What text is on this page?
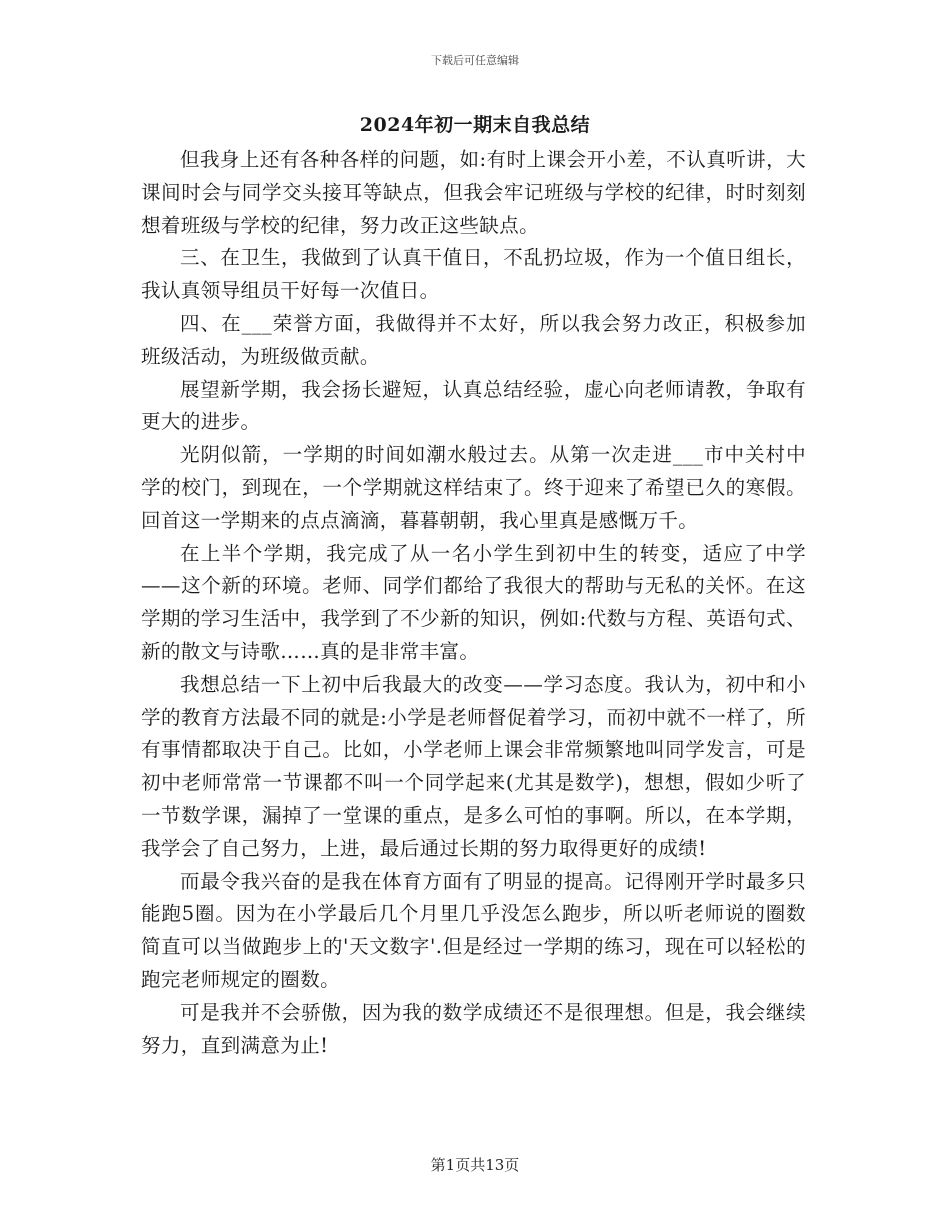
下载后可任意编辑
2024年初一期末自我总结

但我身上还有各种各样的问题，如:有时上课会开小差，不认真听讲，大课间时会与同学交头接耳等缺点，但我会牢记班级与学校的纪律，时时刻刻想着班级与学校的纪律，努力改正这些缺点。

三、在卫生，我做到了认真干值日，不乱扔垃圾，作为一个值日组长，我认真领导组员干好每一次值日。

四、在___荣誉方面，我做得并不太好，所以我会努力改正，积极参加班级活动，为班级做贡献。

展望新学期，我会扬长避短，认真总结经验，虚心向老师请教，争取有更大的进步。

光阴似箭，一学期的时间如潮水般过去。从第一次走进___市中关村中学的校门，到现在，一个学期就这样结束了。终于迎来了希望已久的寒假。回首这一学期来的点点滴滴，暮暮朝朝，我心里真是感慨万千。

在上半个学期，我完成了从一名小学生到初中生的转变，适应了中学——这个新的环境。老师、同学们都给了我很大的帮助与无私的关怀。在这学期的学习生活中，我学到了不少新的知识，例如:代数与方程、英语句式、新的散文与诗歌……真的是非常丰富。

我想总结一下上初中后我最大的改变——学习态度。我认为，初中和小学的教育方法最不同的就是:小学是老师督促着学习，而初中就不一样了，所有事情都取决于自己。比如，小学老师上课会非常频繁地叫同学发言，可是初中老师常常一节课都不叫一个同学起来(尤其是数学)，想想，假如少听了一节数学课，漏掉了一堂课的重点，是多么可怕的事啊。所以，在本学期，我学会了自己努力，上进，最后通过长期的努力取得更好的成绩!

而最令我兴奋的是我在体育方面有了明显的提高。记得刚开学时最多只能跑5圈。因为在小学最后几个月里几乎没怎么跑步，所以听老师说的圈数简直可以当做跑步上的'天文数字'.但是经过一学期的练习，现在可以轻松的跑完老师规定的圈数。

可是我并不会骄傲，因为我的数学成绩还不是很理想。但是，我会继续努力，直到满意为止!

第1页共13页
